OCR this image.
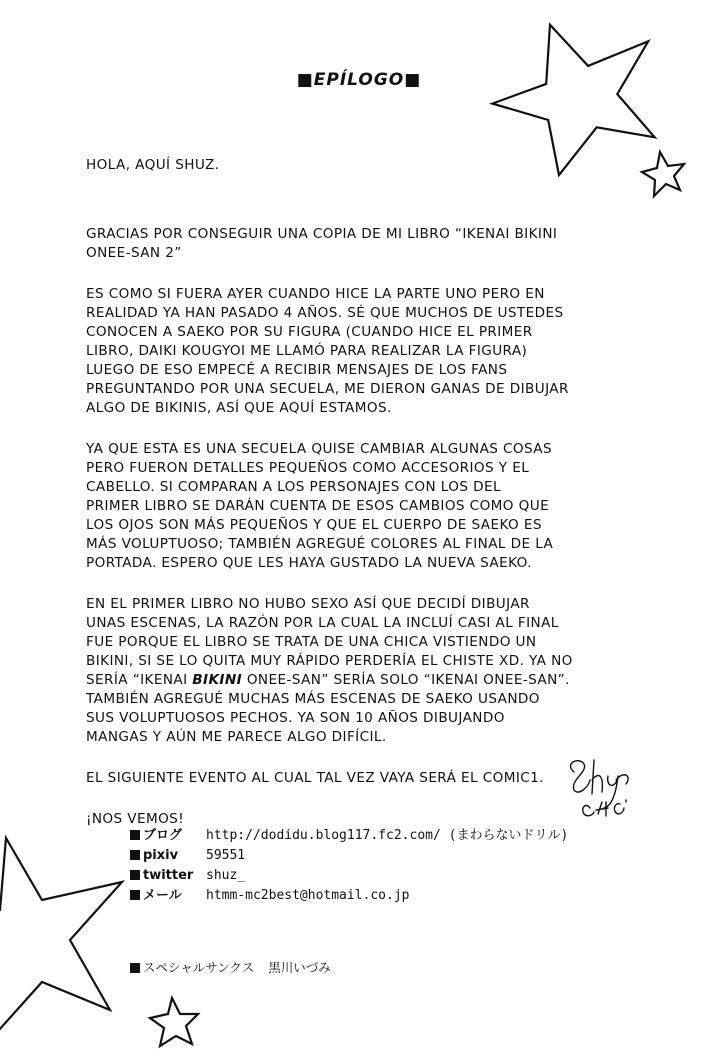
■EPÍLOGO■

HOLA, AQUÍ SHUZ.

GRACIAS POR CONSEGUIR UNA COPIA DE MI LIBRO “IKENAI BIKINI
ONEE-SAN 2”

ES COMO SI FUERA AYER CUANDO HICE LA PARTE UNO PERO EN
REALIDAD YA HAN PASADO 4 AÑOS. SÉ QUE MUCHOS DE USTEDES
CONOCEN A SAEKO POR SU FIGURA (CUANDO HICE EL PRIMER
LIBRO, DAIKI KOUGYOI ME LLAMÓ PARA REALIZAR LA FIGURA)
LUEGO DE ESO EMPECÉ A RECIBIR MENSAJES DE LOS FANS
PREGUNTANDO POR UNA SECUELA, ME DIERON GANAS DE DIBUJAR
ALGO DE BIKINIS, ASÍ QUE AQUÍ ESTAMOS.

YA QUE ESTA ES UNA SECUELA QUISE CAMBIAR ALGUNAS COSAS
PERO FUERON DETALLES PEQUEÑOS COMO ACCESORIOS Y EL
CABELLO. SI COMPARAN A LOS PERSONAJES CON LOS DEL
PRIMER LIBRO SE DARÁN CUENTA DE ESOS CAMBIOS COMO QUE
LOS OJOS SON MÁS PEQUEÑOS Y QUE EL CUERPO DE SAEKO ES
MÁS VOLUPTUOSO; TAMBIÉN AGREGUÉ COLORES AL FINAL DE LA
PORTADA. ESPERO QUE LES HAYA GUSTADO LA NUEVA SAEKO.

EN EL PRIMER LIBRO NO HUBO SEXO ASÍ QUE DECIDÍ DIBUJAR
UNAS ESCENAS, LA RAZÓN POR LA CUAL LA INCLUÍ CASI AL FINAL
FUE PORQUE EL LIBRO SE TRATA DE UNA CHICA VISTIENDO UN
BIKINI, SI SE LO QUITA MUY RÁPIDO PERDERÍA EL CHISTE XD. YA NO
SERÍA “IKENAI BIKINI ONEE-SAN” SERÍA SOLO “IKENAI ONEE-SAN”.
TAMBIÉN AGREGUÉ MUCHAS MÁS ESCENAS DE SAEKO USANDO
SUS VOLUPTUOSOS PECHOS. YA SON 10 AÑOS DIBUJANDO
MANGAS Y AÚN ME PARECE ALGO DIFÍCIL.

EL SIGUIENTE EVENTO AL CUAL TAL VEZ VAYA SERÁ EL COMIC1.

¡NOS VEMOS!

ブログ	http://dodidu.blog117.fc2.com/ (まわらないドリル)
pixiv	59551
twitter shuz_
メール	htmm-mc2best@hotmail.co.jp
スペシャルサンクス 黒川いづみ
